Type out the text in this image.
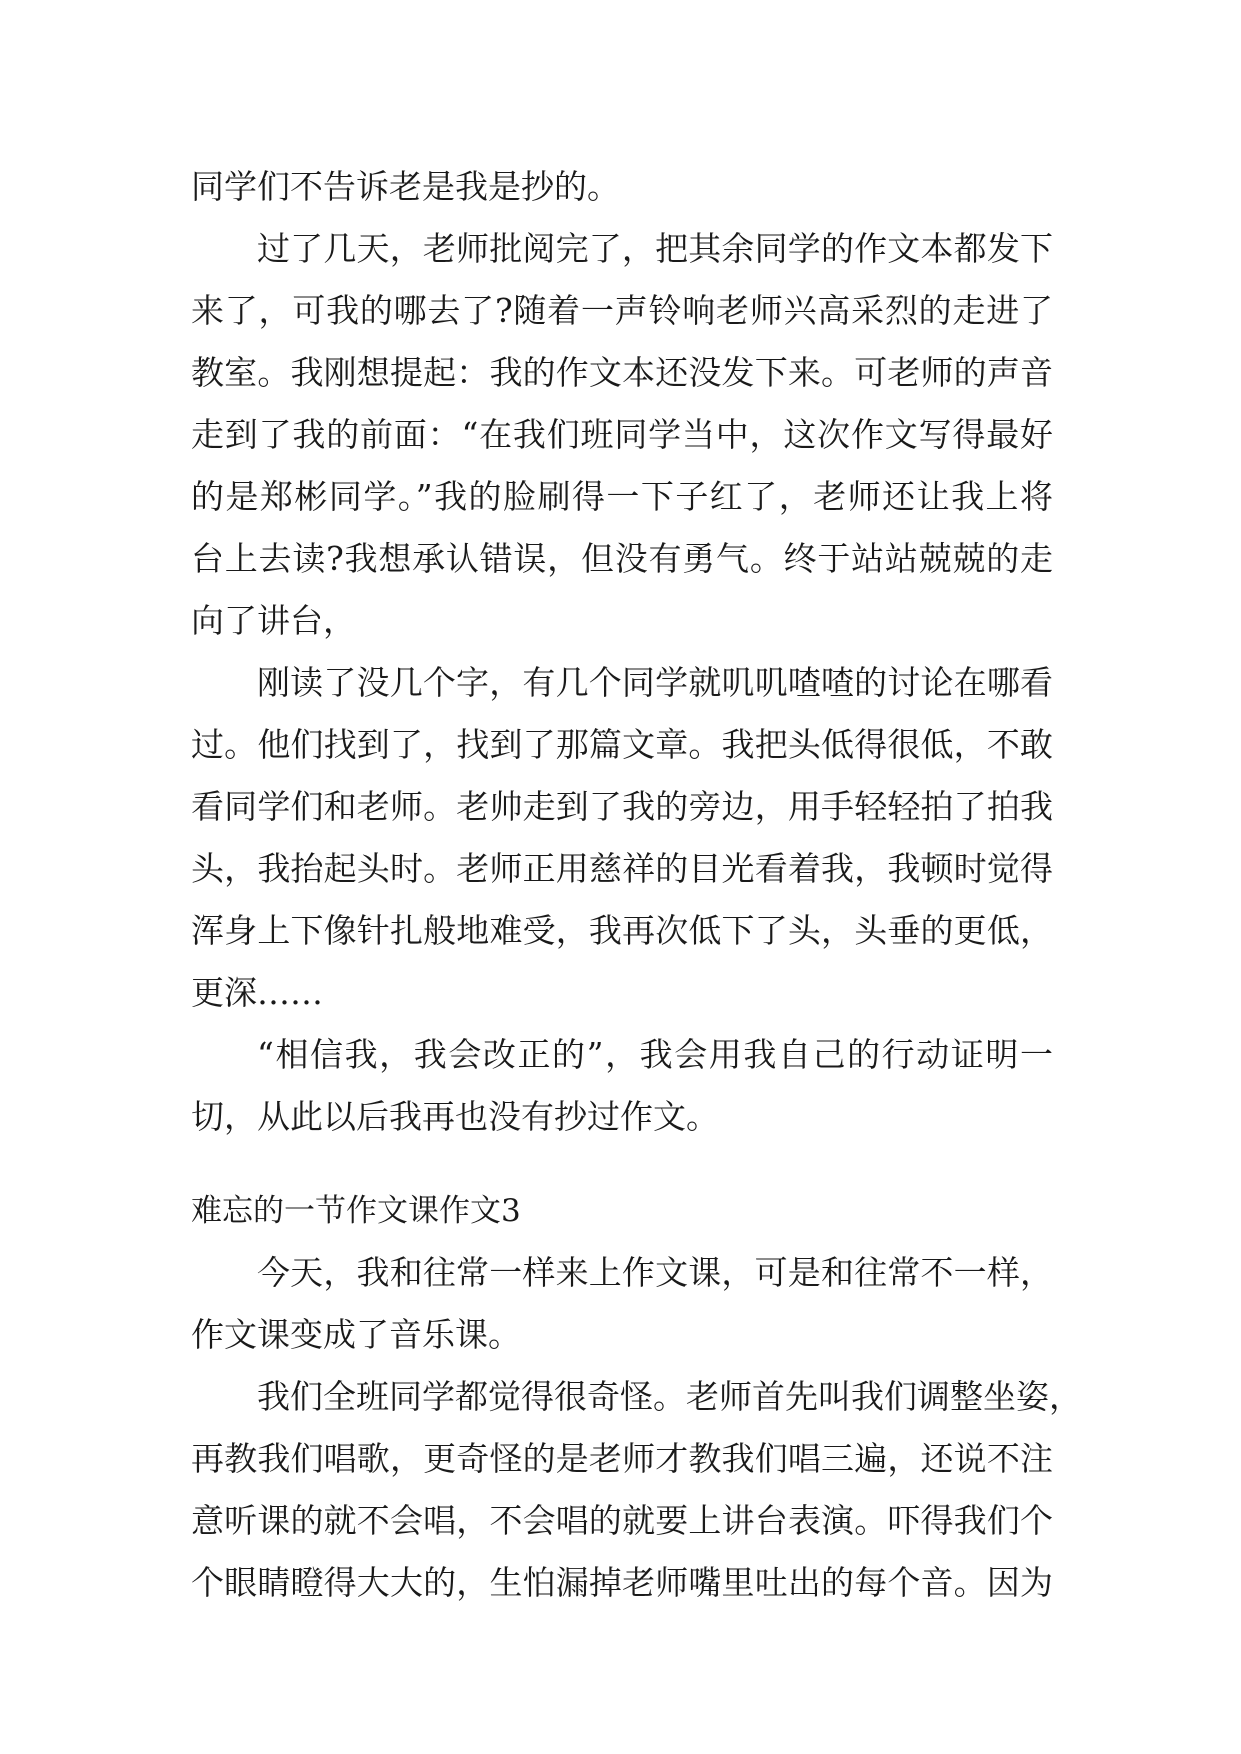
同学们不告诉老是我是抄的。
过了几天，老师批阅完了，把其余同学的作文本都发下
来了，可我的哪去了?随着一声铃响老师兴高采烈的走进了
教室。我刚想提起：我的作文本还没发下来。可老师的声音
走到了我的前面：“在我们班同学当中，这次作文写得最好
的是郑彬同学。”我的脸刷得一下子红了，老师还让我上将
台上去读?我想承认错误，但没有勇气。终于站站兢兢的走
向了讲台，
刚读了没几个字，有几个同学就叽叽喳喳的讨论在哪看
过。他们找到了，找到了那篇文章。我把头低得很低，不敢
看同学们和老师。老帅走到了我的旁边，用手轻轻拍了拍我
头，我抬起头时。老师正用慈祥的目光看着我，我顿时觉得
浑身上下像针扎般地难受，我再次低下了头，头垂的更低，
更深……
“相信我，我会改正的”，我会用我自己的行动证明一
切，从此以后我再也没有抄过作文。
难忘的一节作文课作文3
今天，我和往常一样来上作文课，可是和往常不一样，
作文课变成了音乐课。
我们全班同学都觉得很奇怪。老师首先叫我们调整坐姿，
再教我们唱歌，更奇怪的是老师才教我们唱三遍，还说不注
意听课的就不会唱，不会唱的就要上讲台表演。吓得我们个
个眼睛瞪得大大的，生怕漏掉老师嘴里吐出的每个音。因为
